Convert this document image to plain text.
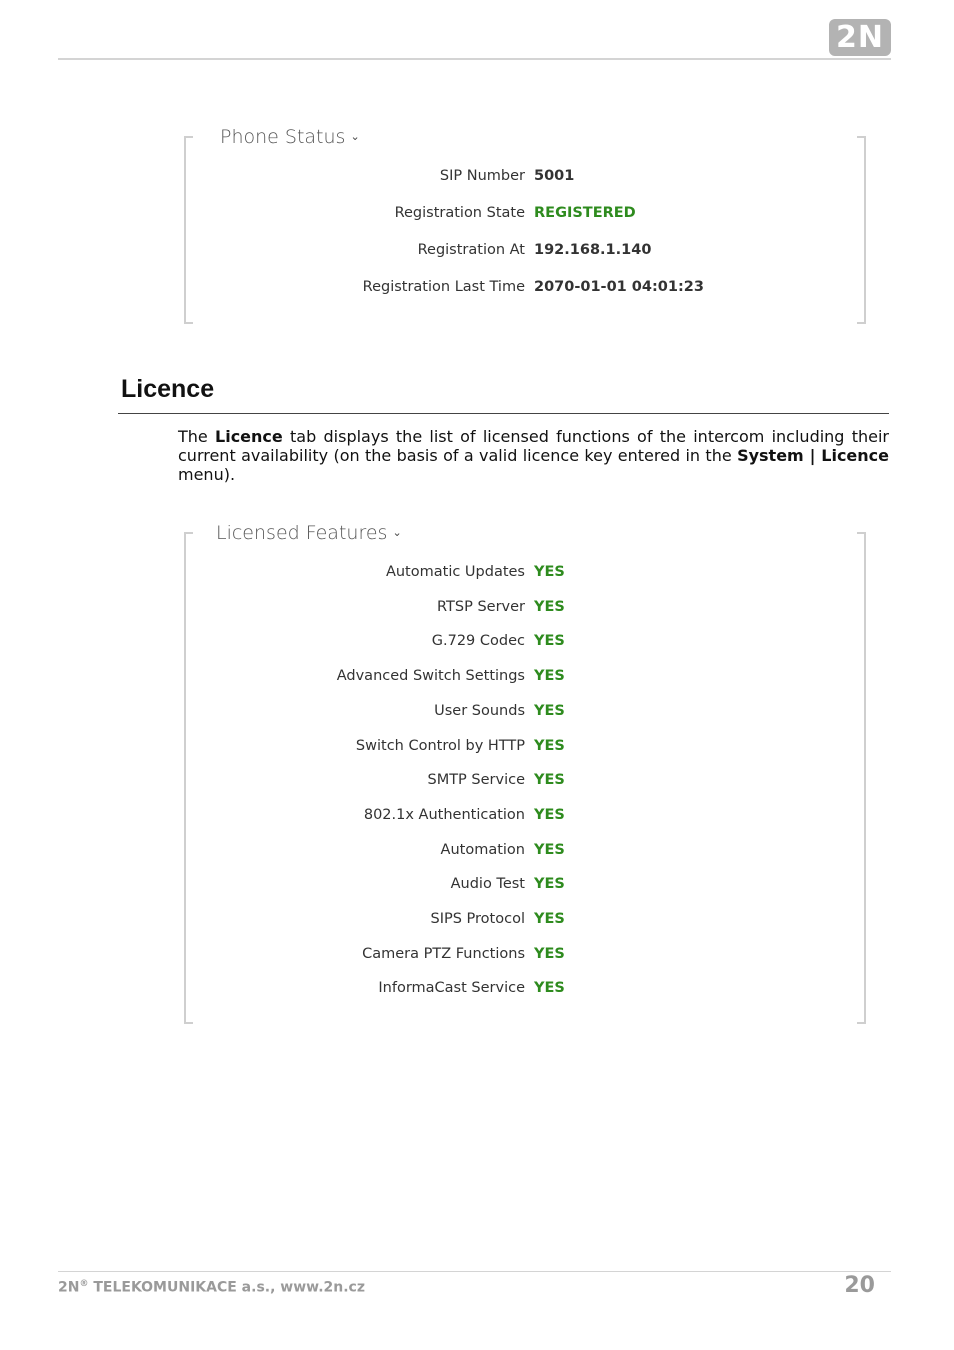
2N
Phone Status ⌄
SIP Number 5001
Registration State REGISTERED
Registration At 192.168.1.140
Registration Last Time 2070-01-01 04:01:23
Licence
The Licence tab displays the list of licensed functions of the intercom including their current availability (on the basis of a valid licence key entered in the System | Licence menu).
Licensed Features ⌄
Automatic Updates YES
RTSP Server YES
G.729 Codec YES
Advanced Switch Settings YES
User Sounds YES
Switch Control by HTTP YES
SMTP Service YES
802.1x Authentication YES
Automation YES
Audio Test YES
SIPS Protocol YES
Camera PTZ Functions YES
InformaCast Service YES
2N® TELEKOMUNIKACE a.s., www.2n.cz	20
